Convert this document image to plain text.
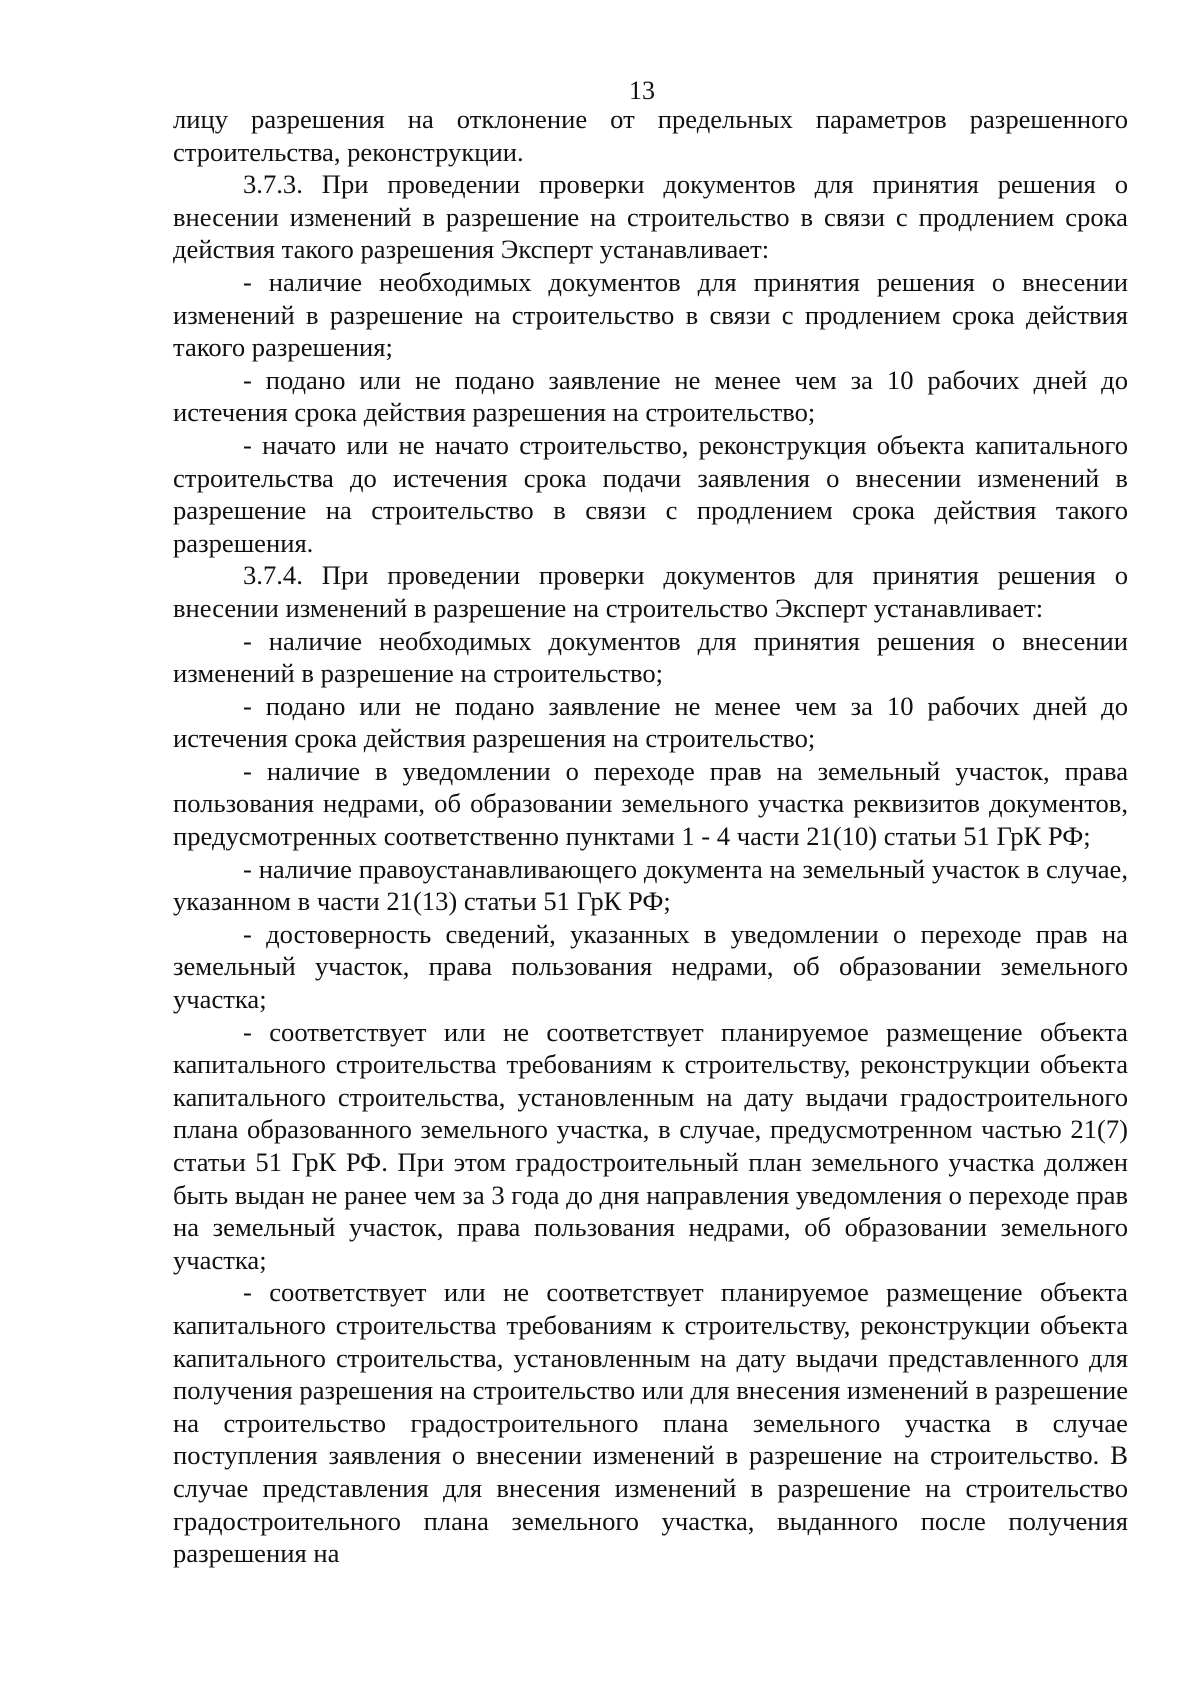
13

лицу разрешения на отклонение от предельных параметров разрешенного строительства, реконструкции.

3.7.3. При проведении проверки документов для принятия решения о внесении изменений в разрешение на строительство в связи с продлением срока действия такого разрешения Эксперт устанавливает:

- наличие необходимых документов для принятия решения о внесении изменений в разрешение на строительство в связи с продлением срока действия такого разрешения;

- подано или не подано заявление не менее чем за 10 рабочих дней до истечения срока действия разрешения на строительство;

- начато или не начато строительство, реконструкция объекта капитального строительства до истечения срока подачи заявления о внесении изменений в разрешение на строительство в связи с продлением срока действия такого разрешения.

3.7.4. При проведении проверки документов для принятия решения о внесении изменений в разрешение на строительство Эксперт устанавливает:

- наличие необходимых документов для принятия решения о внесении изменений в разрешение на строительство;

- подано или не подано заявление не менее чем за 10 рабочих дней до истечения срока действия разрешения на строительство;

- наличие в уведомлении о переходе прав на земельный участок, права пользования недрами, об образовании земельного участка реквизитов документов, предусмотренных соответственно пунктами 1 - 4 части 21(10) статьи 51 ГрК РФ;

- наличие правоустанавливающего документа на земельный участок в случае, указанном в части 21(13) статьи 51 ГрК РФ;

- достоверность сведений, указанных в уведомлении о переходе прав на земельный участок, права пользования недрами, об образовании земельного участка;

- соответствует или не соответствует планируемое размещение объекта капитального строительства требованиям к строительству, реконструкции объекта капитального строительства, установленным на дату выдачи градостроительного плана образованного земельного участка, в случае, предусмотренном частью 21(7) статьи 51 ГрК РФ. При этом градостроительный план земельного участка должен быть выдан не ранее чем за 3 года до дня направления уведомления о переходе прав на земельный участок, права пользования недрами, об образовании земельного участка;

- соответствует или не соответствует планируемое размещение объекта капитального строительства требованиям к строительству, реконструкции объекта капитального строительства, установленным на дату выдачи представленного для получения разрешения на строительство или для внесения изменений в разрешение на строительство градостроительного плана земельного участка в случае поступления заявления о внесении изменений в разрешение на строительство. В случае представления для внесения изменений в разрешение на строительство градостроительного плана земельного участка, выданного после получения разрешения на
